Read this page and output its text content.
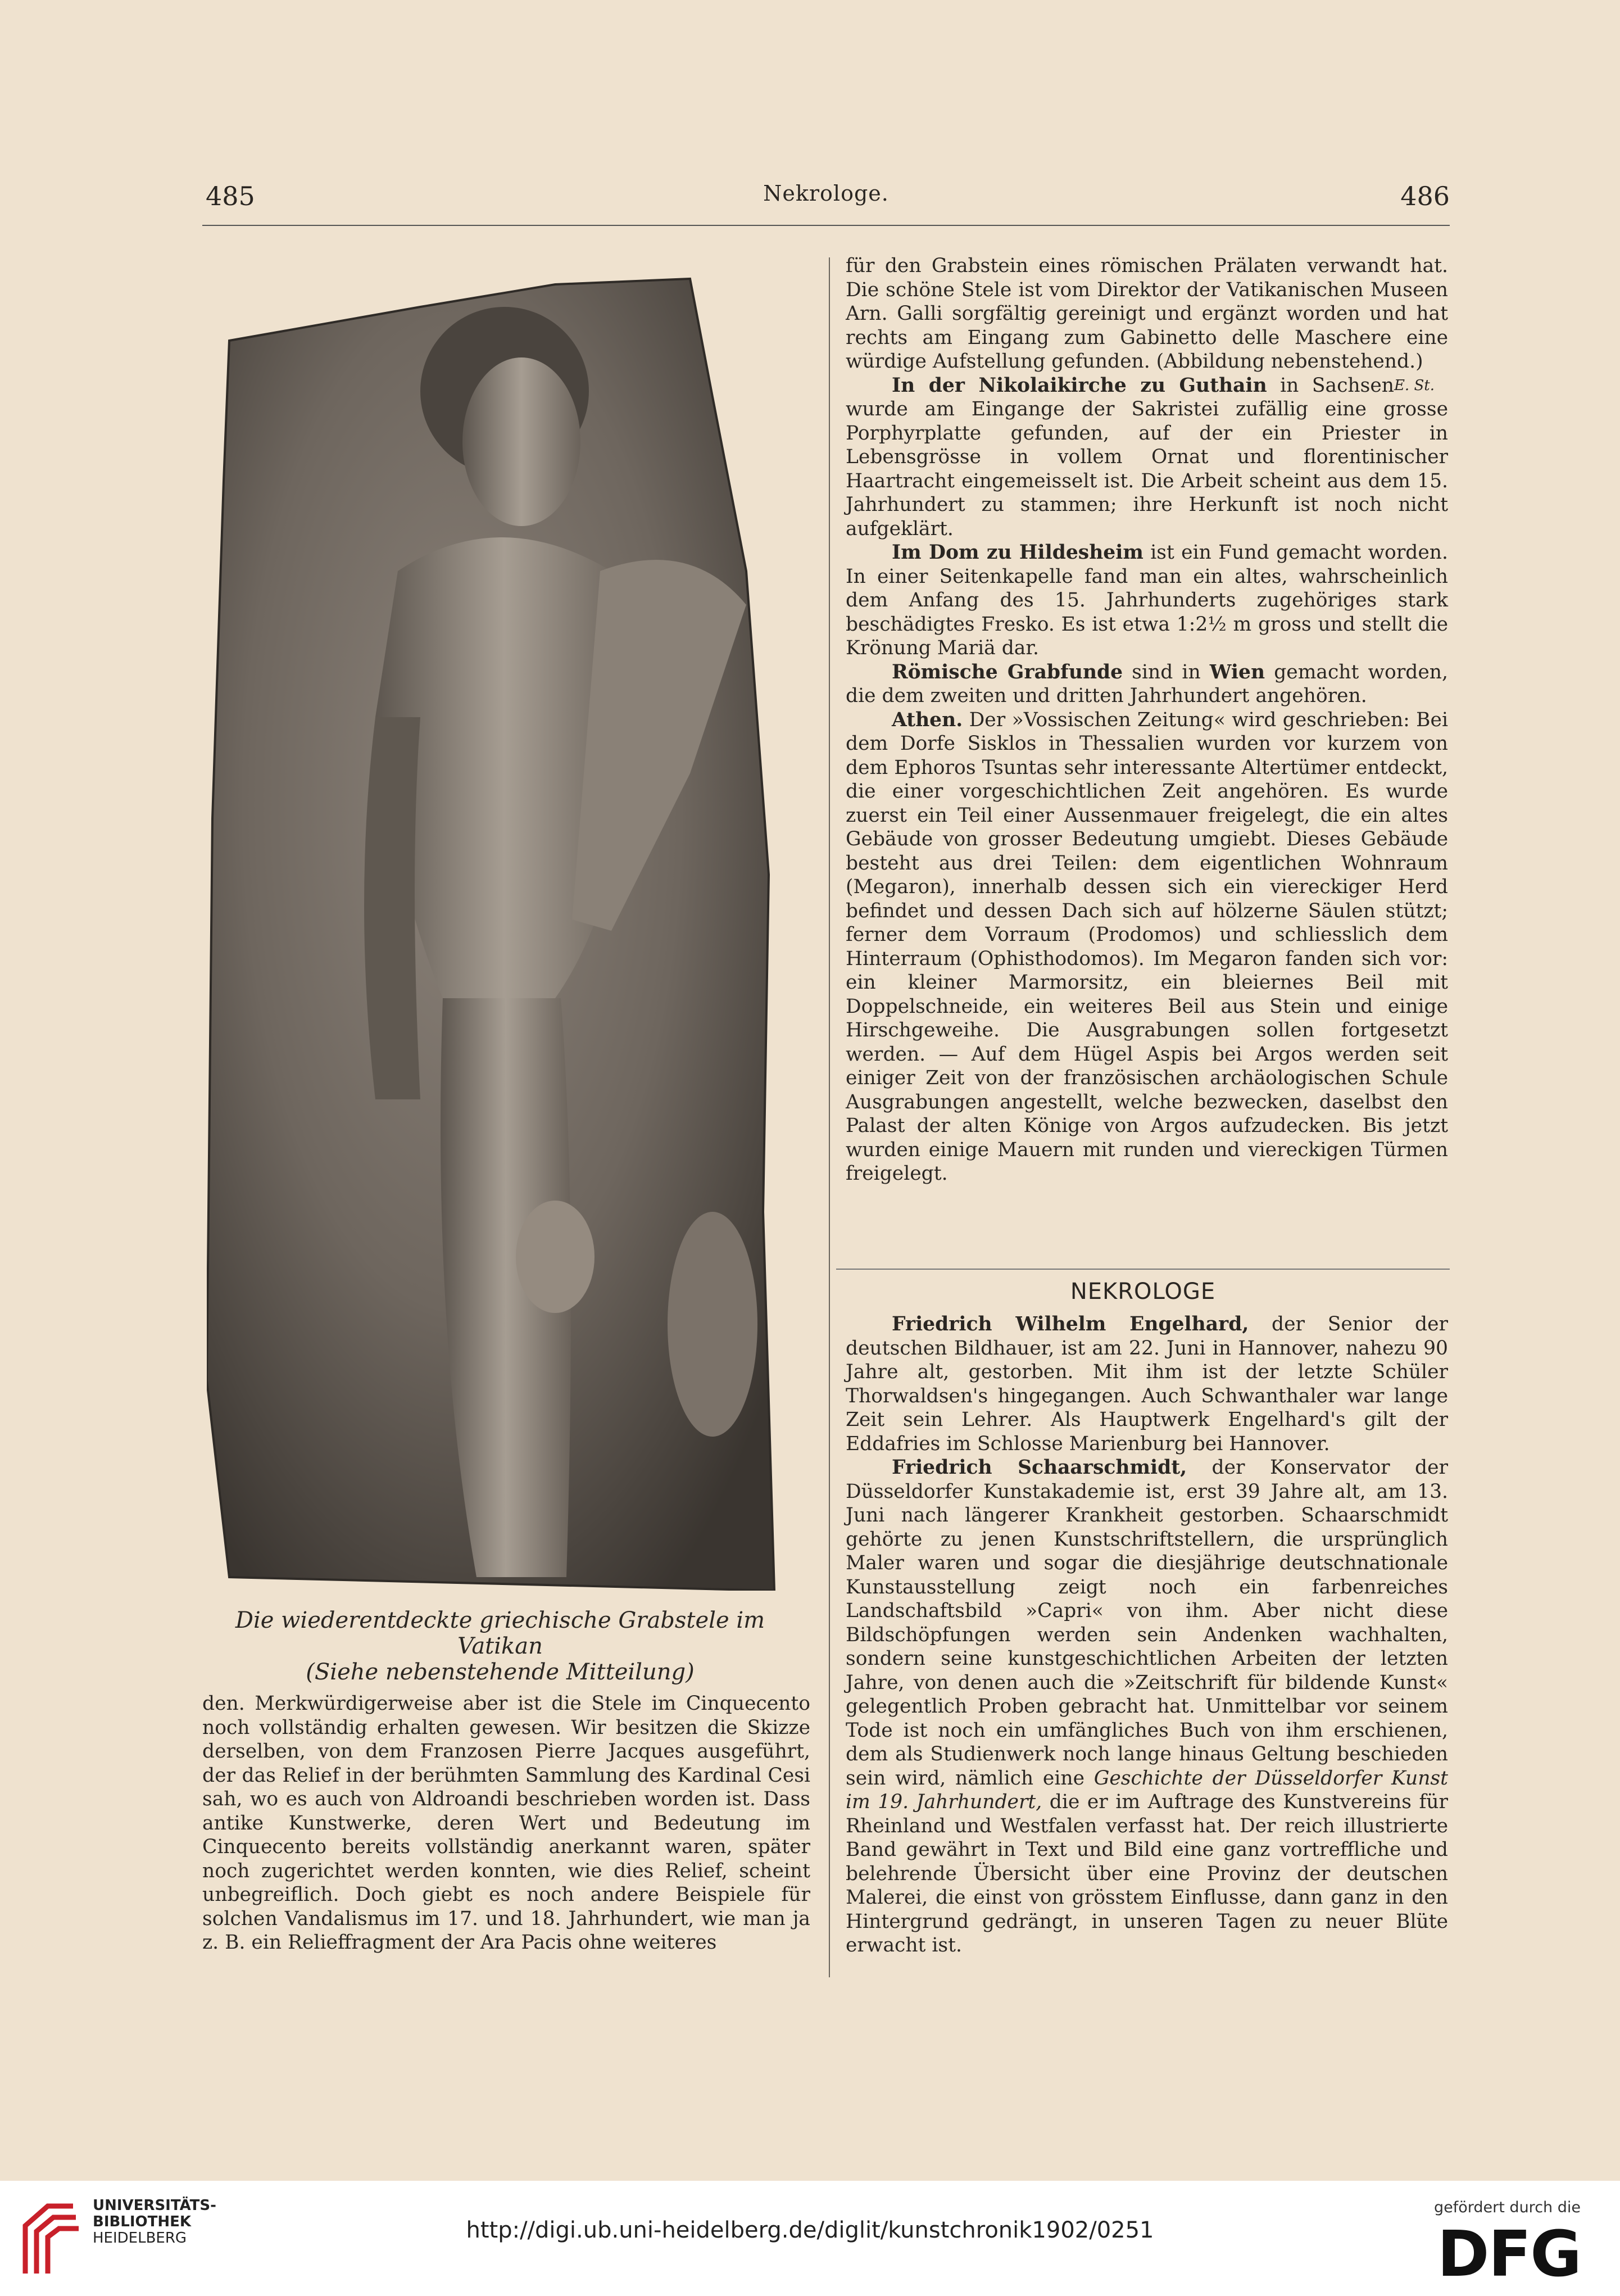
485	Nekrologe.	486
Die wiederentdeckte griechische Grabstele im Vatikan
(Siehe nebenstehende Mitteilung)

den. Merkwürdigerweise aber ist die Stele im Cinquecento noch vollständig erhalten gewesen. Wir besitzen die Skizze derselben, von dem Franzosen Pierre Jacques ausgeführt, der das Relief in der berühmten Sammlung des Kardinal Cesi sah, wo es auch von Aldroandi beschrieben worden ist. Dass antike Kunstwerke, deren Wert und Bedeutung im Cinquecento bereits vollständig anerkannt waren, später noch zugerichtet werden konnten, wie dies Relief, scheint unbegreiflich. Doch giebt es noch andere Beispiele für solchen Vandalismus im 17. und 18. Jahrhundert, wie man ja z. B. ein Relieffragment der Ara Pacis ohne weiteres

für den Grabstein eines römischen Prälaten verwandt hat. Die schöne Stele ist vom Direktor der Vatikanischen Museen Arn. Galli sorgfältig gereinigt und ergänzt worden und hat rechts am Eingang zum Gabinetto delle Maschere eine würdige Aufstellung gefunden. (Abbildung nebenstehend.)
E. St.

In der Nikolaikirche zu Guthain in Sachsen wurde am Eingange der Sakristei zufällig eine grosse Porphyrplatte gefunden, auf der ein Priester in Lebensgrösse in vollem Ornat und florentinischer Haartracht eingemeisselt ist. Die Arbeit scheint aus dem 15. Jahrhundert zu stammen; ihre Herkunft ist noch nicht aufgeklärt.

Im Dom zu Hildesheim ist ein Fund gemacht worden. In einer Seitenkapelle fand man ein altes, wahrscheinlich dem Anfang des 15. Jahrhunderts zugehöriges stark beschädigtes Fresko. Es ist etwa 1:2½ m gross und stellt die Krönung Mariä dar.

Römische Grabfunde sind in Wien gemacht worden, die dem zweiten und dritten Jahrhundert angehören.

Athen. Der »Vossischen Zeitung« wird geschrieben: Bei dem Dorfe Sisklos in Thessalien wurden vor kurzem von dem Ephoros Tsuntas sehr interessante Altertümer entdeckt, die einer vorgeschichtlichen Zeit angehören. Es wurde zuerst ein Teil einer Aussenmauer freigelegt, die ein altes Gebäude von grosser Bedeutung umgiebt. Dieses Gebäude besteht aus drei Teilen: dem eigentlichen Wohnraum (Megaron), innerhalb dessen sich ein viereckiger Herd befindet und dessen Dach sich auf hölzerne Säulen stützt; ferner dem Vorraum (Prodomos) und schliesslich dem Hinterraum (Ophisthodomos). Im Megaron fanden sich vor: ein kleiner Marmorsitz, ein bleiernes Beil mit Doppelschneide, ein weiteres Beil aus Stein und einige Hirschgeweihe. Die Ausgrabungen sollen fortgesetzt werden. — Auf dem Hügel Aspis bei Argos werden seit einiger Zeit von der französischen archäologischen Schule Ausgrabungen angestellt, welche bezwecken, daselbst den Palast der alten Könige von Argos aufzudecken. Bis jetzt wurden einige Mauern mit runden und viereckigen Türmen freigelegt.

NEKROLOGE

Friedrich Wilhelm Engelhard, der Senior der deutschen Bildhauer, ist am 22. Juni in Hannover, nahezu 90 Jahre alt, gestorben. Mit ihm ist der letzte Schüler Thorwaldsen's hingegangen. Auch Schwanthaler war lange Zeit sein Lehrer. Als Hauptwerk Engelhard's gilt der Eddafries im Schlosse Marienburg bei Hannover.

Friedrich Schaarschmidt, der Konservator der Düsseldorfer Kunstakademie ist, erst 39 Jahre alt, am 13. Juni nach längerer Krankheit gestorben. Schaarschmidt gehörte zu jenen Kunstschriftstellern, die ursprünglich Maler waren und sogar die diesjährige deutschnationale Kunstausstellung zeigt noch ein farbenreiches Landschaftsbild »Capri« von ihm. Aber nicht diese Bildschöpfungen werden sein Andenken wachhalten, sondern seine kunstgeschichtlichen Arbeiten der letzten Jahre, von denen auch die »Zeitschrift für bildende Kunst« gelegentlich Proben gebracht hat. Unmittelbar vor seinem Tode ist noch ein umfängliches Buch von ihm erschienen, dem als Studienwerk noch lange hinaus Geltung beschieden sein wird, nämlich eine Geschichte der Düsseldorfer Kunst im 19. Jahrhundert, die er im Auftrage des Kunstvereins für Rheinland und Westfalen verfasst hat. Der reich illustrierte Band gewährt in Text und Bild eine ganz vortreffliche und belehrende Übersicht über eine Provinz der deutschen Malerei, die einst von grösstem Einflusse, dann ganz in den Hintergrund gedrängt, in unseren Tagen zu neuer Blüte erwacht ist.

UNIVERSITÄTS-
BIBLIOTHEK
HEIDELBERG	http://digi.ub.uni-heidelberg.de/diglit/kunstchronik1902/0251
gefördert durch die
DFG
